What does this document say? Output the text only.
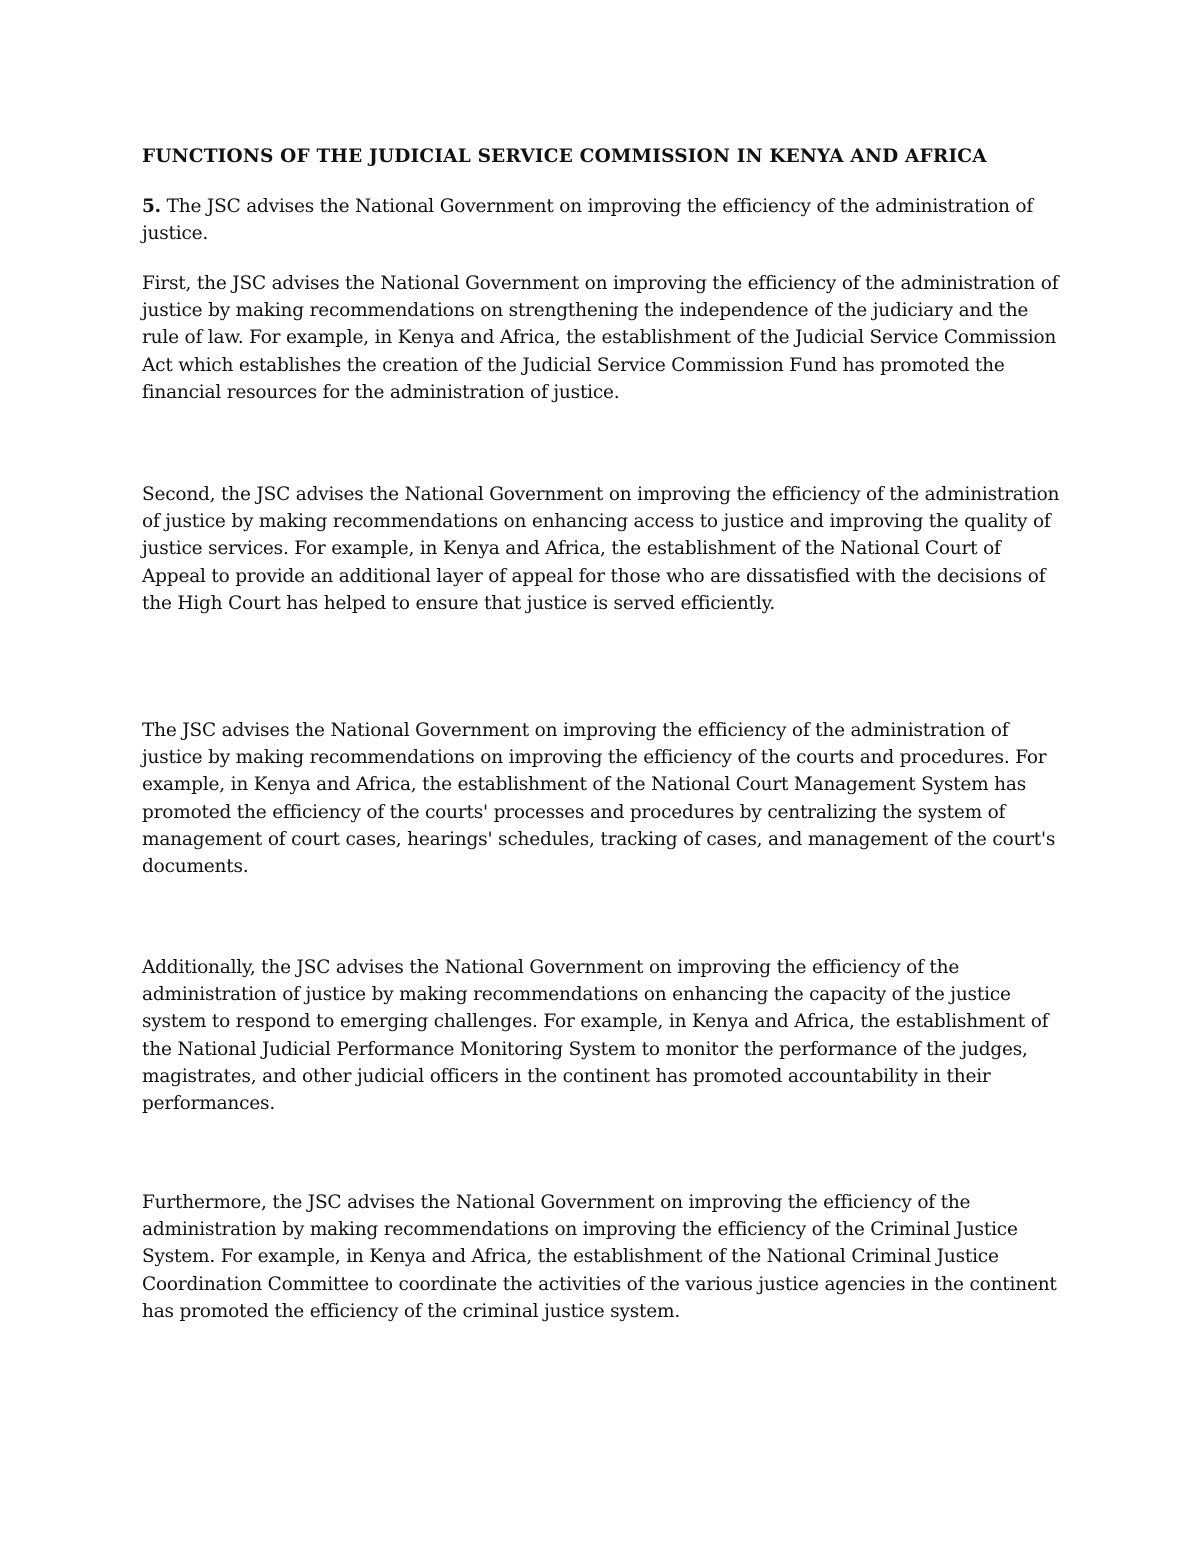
FUNCTIONS OF THE JUDICIAL SERVICE COMMISSION IN KENYA AND AFRICA

5. The JSC advises the National Government on improving the efficiency of the administration of justice.

First, the JSC advises the National Government on improving the efficiency of the administration of justice by making recommendations on strengthening the independence of the judiciary and the rule of law. For example, in Kenya and Africa, the establishment of the Judicial Service Commission Act which establishes the creation of the Judicial Service Commission Fund has promoted the financial resources for the administration of justice.

Second, the JSC advises the National Government on improving the efficiency of the administration of justice by making recommendations on enhancing access to justice and improving the quality of justice services. For example, in Kenya and Africa, the establishment of the National Court of Appeal to provide an additional layer of appeal for those who are dissatisfied with the decisions of the High Court has helped to ensure that justice is served efficiently.

The JSC advises the National Government on improving the efficiency of the administration of justice by making recommendations on improving the efficiency of the courts and procedures. For example, in Kenya and Africa, the establishment of the National Court Management System has promoted the efficiency of the courts' processes and procedures by centralizing the system of management of court cases, hearings' schedules, tracking of cases, and management of the court's documents.

Additionally, the JSC advises the National Government on improving the efficiency of the administration of justice by making recommendations on enhancing the capacity of the justice system to respond to emerging challenges. For example, in Kenya and Africa, the establishment of the National Judicial Performance Monitoring System to monitor the performance of the judges, magistrates, and other judicial officers in the continent has promoted accountability in their performances.

Furthermore, the JSC advises the National Government on improving the efficiency of the administration by making recommendations on improving the efficiency of the Criminal Justice System. For example, in Kenya and Africa, the establishment of the National Criminal Justice Coordination Committee to coordinate the activities of the various justice agencies in the continent has promoted the efficiency of the criminal justice system.
